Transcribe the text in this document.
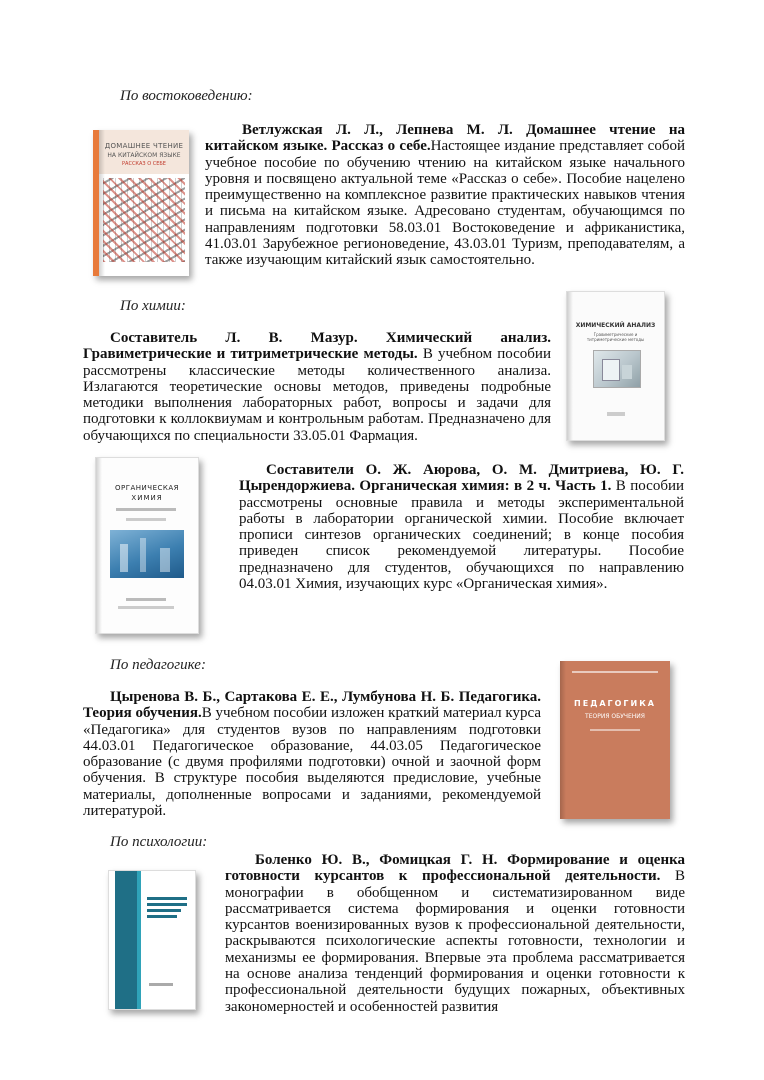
По востоковедению:
ДОМАШНЕЕ ЧТЕНИЕ
НА КИТАЙСКОМ ЯЗЫКЕ
РАССКАЗ О СЕБЕ
Ветлужская Л. Л., Лепнева М. Л. Домашнее чтение на китайском языке. Рассказ о себе.Настоящее издание представляет собой учебное пособие по обучению чтению на китайском языке начального уровня и посвящено актуальной теме «Рассказ о себе». Пособие нацелено преимущественно на комплексное развитие практических навыков чтения и письма на китайском языке. Адресовано студентам, обучающимся по направлениям подготовки 58.03.01 Востоковедение и африканистика, 41.03.01 Зарубежное регионоведение, 43.03.01 Туризм, преподавателям, а также изучающим китайский язык самостоятельно.
По химии:
Составитель Л. В. Мазур. Химический анализ. Гравиметрические и титриметрические методы. В учебном пособии рассмотрены классические методы количественного анализа. Излагаются теоретические основы методов, приведены подробные методики выполнения лабораторных работ, вопросы и задачи для подготовки к коллоквиумам и контрольным работам. Предназначено для обучающихся по специальности 33.05.01 Фармация.
ХИМИЧЕСКИЙ АНАЛИЗ
Гравиметрические и титриметрические методы
ОРГАНИЧЕСКАЯ
ХИМИЯ
Составители О. Ж. Аюрова, О. М. Дмитриева, Ю. Г. Цырендоржиева. Органическая химия: в 2 ч. Часть 1. В пособии рассмотрены основные правила и методы экспериментальной работы в лаборатории органической химии. Пособие включает прописи синтезов органических соединений; в конце пособия приведен список рекомендуемой литературы. Пособие предназначено для студентов, обучающихся по направлению 04.03.01 Химия, изучающих курс «Органическая химия».
По педагогике:
Цыренова В. Б., Сартакова Е. Е., Лумбунова Н. Б. Педагогика. Теория обучения.В учебном пособии изложен краткий материал курса «Педагогика» для студентов вузов по направлениям подготовки 44.03.01 Педагогическое образование, 44.03.05 Педагогическое образование (с двумя профилями подготовки) очной и заочной форм обучения. В структуре пособия выделяются предисловие, учебные материалы, дополненные вопросами и заданиями, рекомендуемой литературой.
ПЕДАГОГИКА
ТЕОРИЯ ОБУЧЕНИЯ
По психологии:
Боленко Ю. В., Фомицкая Г. Н. Формирование и оценка готовности курсантов к профессиональной деятельности. В монографии в обобщенном и систематизированном виде рассматривается система формирования и оценки готовности курсантов военизированных вузов к профессиональной деятельности, раскрываются психологические аспекты готовности, технологии и механизмы ее формирования. Впервые эта проблема рассматривается на основе анализа тенденций формирования и оценки готовности к профессиональной деятельности будущих пожарных, объективных закономерностей и особенностей развития
